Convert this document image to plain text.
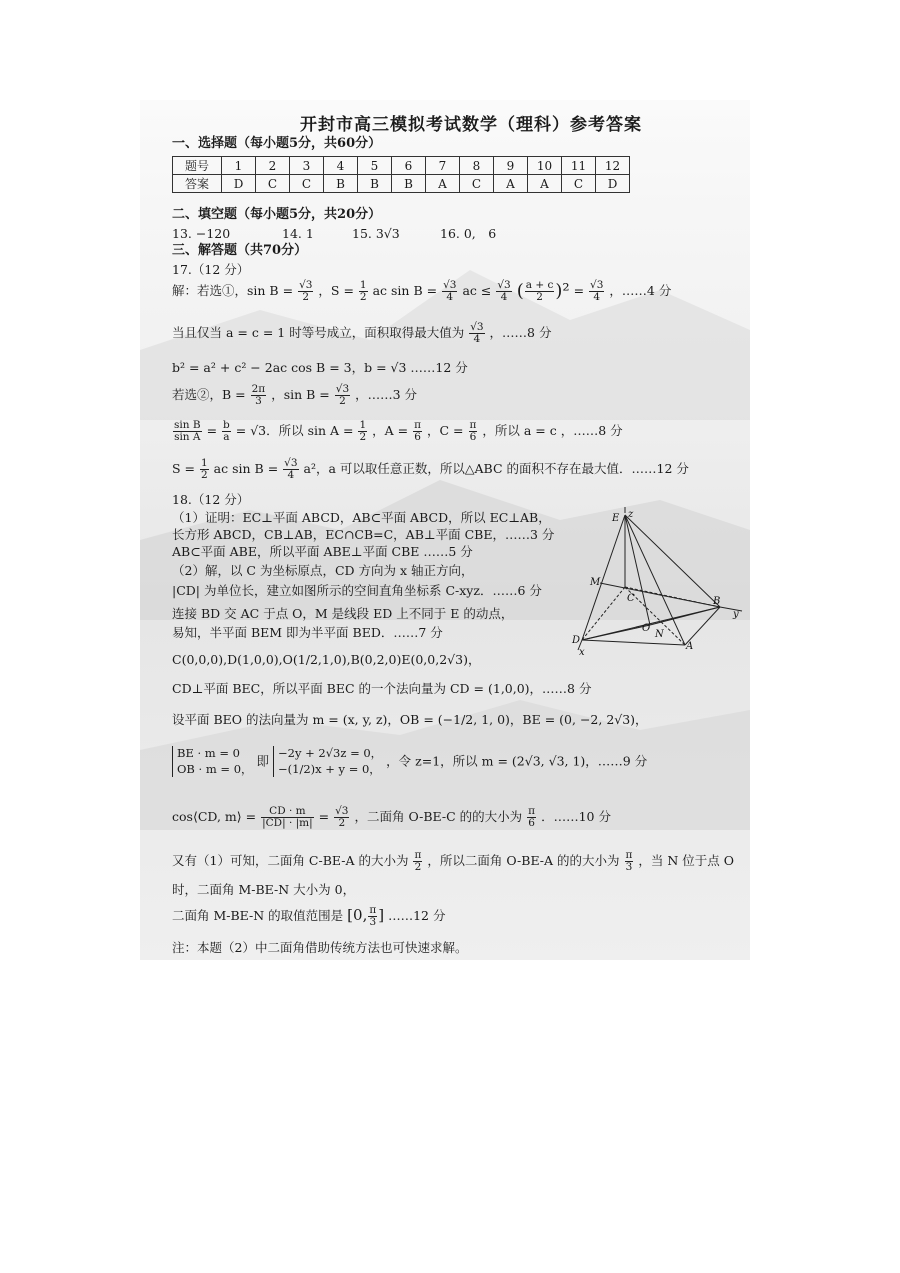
开封市高三模拟考试数学（理科）参考答案
一、选择题（每小题5分，共60分）
题号	1	2	3	4	5	6	7	8	9	10	11	12
答案	D	C	C	B	B	B	A	C	A	A	C	D
二、填空题（每小题5分，共20分）
13. −120	14. 1	15. 3√3	16. 0,　6
三、解答题（共70分）
17.（12 分）
解：若选①，$\sin B = \frac{√3}{2}$ ，$S = \frac{1}{2}$ ac $\sin B = \frac{√3}{4}$ ac ≤ $\frac{√3}{4}$ ( $\frac{a + c}{2} )^2 = \frac{√3}{4}$ ，……4 分
当且仅当 a = c = 1 时等号成立，面积取得最大值为 $\frac{√3}{4}$ ，……8 分
b² = a² + c² − 2ac cos B = 3，b = √3 ……12 分
若选②，$B = \frac{2\pi}{3}$ ，$\sin B = \frac{√3}{2}$ ，……3 分
$\frac{\text{sin B}}{\text{sin A}} = \frac{b}{a} = √3$．所以 $\sin A = \frac{1}{2}$ ，$A = \frac{\pi}{6}$ ，$C = \frac{\pi}{6}$ ，所以 a = c ，……8 分
$S = \frac{1}{2}$ ac $\sin B = \frac{√3}{4} a^2$，a 可以取任意正数，所以△ABC 的面积不存在最大值．……12 分
18.（12 分）
（1）证明：EC⊥平面 ABCD，AB⊂平面 ABCD，所以 EC⊥AB，
长方形 ABCD，CB⊥AB，EC∩CB=C，AB⊥平面 CBE，……3 分
AB⊂平面 ABE，所以平面 ABE⊥平面 CBE ……5 分
（2）解，以 C 为坐标原点，CD 方向为 x 轴正方向，
|CD| 为单位长，建立如图所示的空间直角坐标系 C-xyz．……6 分
连接 BD 交 AC 于点 O，M 是线段 ED 上不同于 E 的动点，
易知，半平面 BEM 即为半平面 BED．……7 分
C(0,0,0),D(1,0,0),O(1/2,1,0),B(0,2,0)E(0,0,2√3)，
CD⊥平面 BEC，所以平面 BEC 的一个法向量为 CD = (1,0,0)，……8 分
设平面 BEO 的法向量为 m = (x, y, z)，OB = (−1/2, 1, 0)，BE = (0, −2, 2√3)，
BE · m = 0
OB · m = 0， 即
−2y + 2√3z = 0，
−(1/2)x + y = 0， ，令 z=1，所以 m = (2√3, √3, 1)，……9 分
cos⟨CD, m⟩ = $\frac{CD \cdot m}{|CD| \cdot |m|} = \frac{√3}{2}$ ，二面角 O-BE-C 的的大小为 $\frac{\pi}{6}$ ．……10 分
又有（1）可知，二面角 C-BE-A 的大小为 $\frac{\pi}{2}$ ，所以二面角 O-BE-A 的的大小为 $\frac{\pi}{3}$ ，当 N 位于点 O
时，二面角 M-BE-N 大小为 0，
二面角 M-BE-N 的取值范围是 [0, $\frac{\pi}{3}$ ] ……12 分
注：本题（2）中二面角借助传统方法也可快速求解。
E z
M
C	B
y
O
N
D
A
x
